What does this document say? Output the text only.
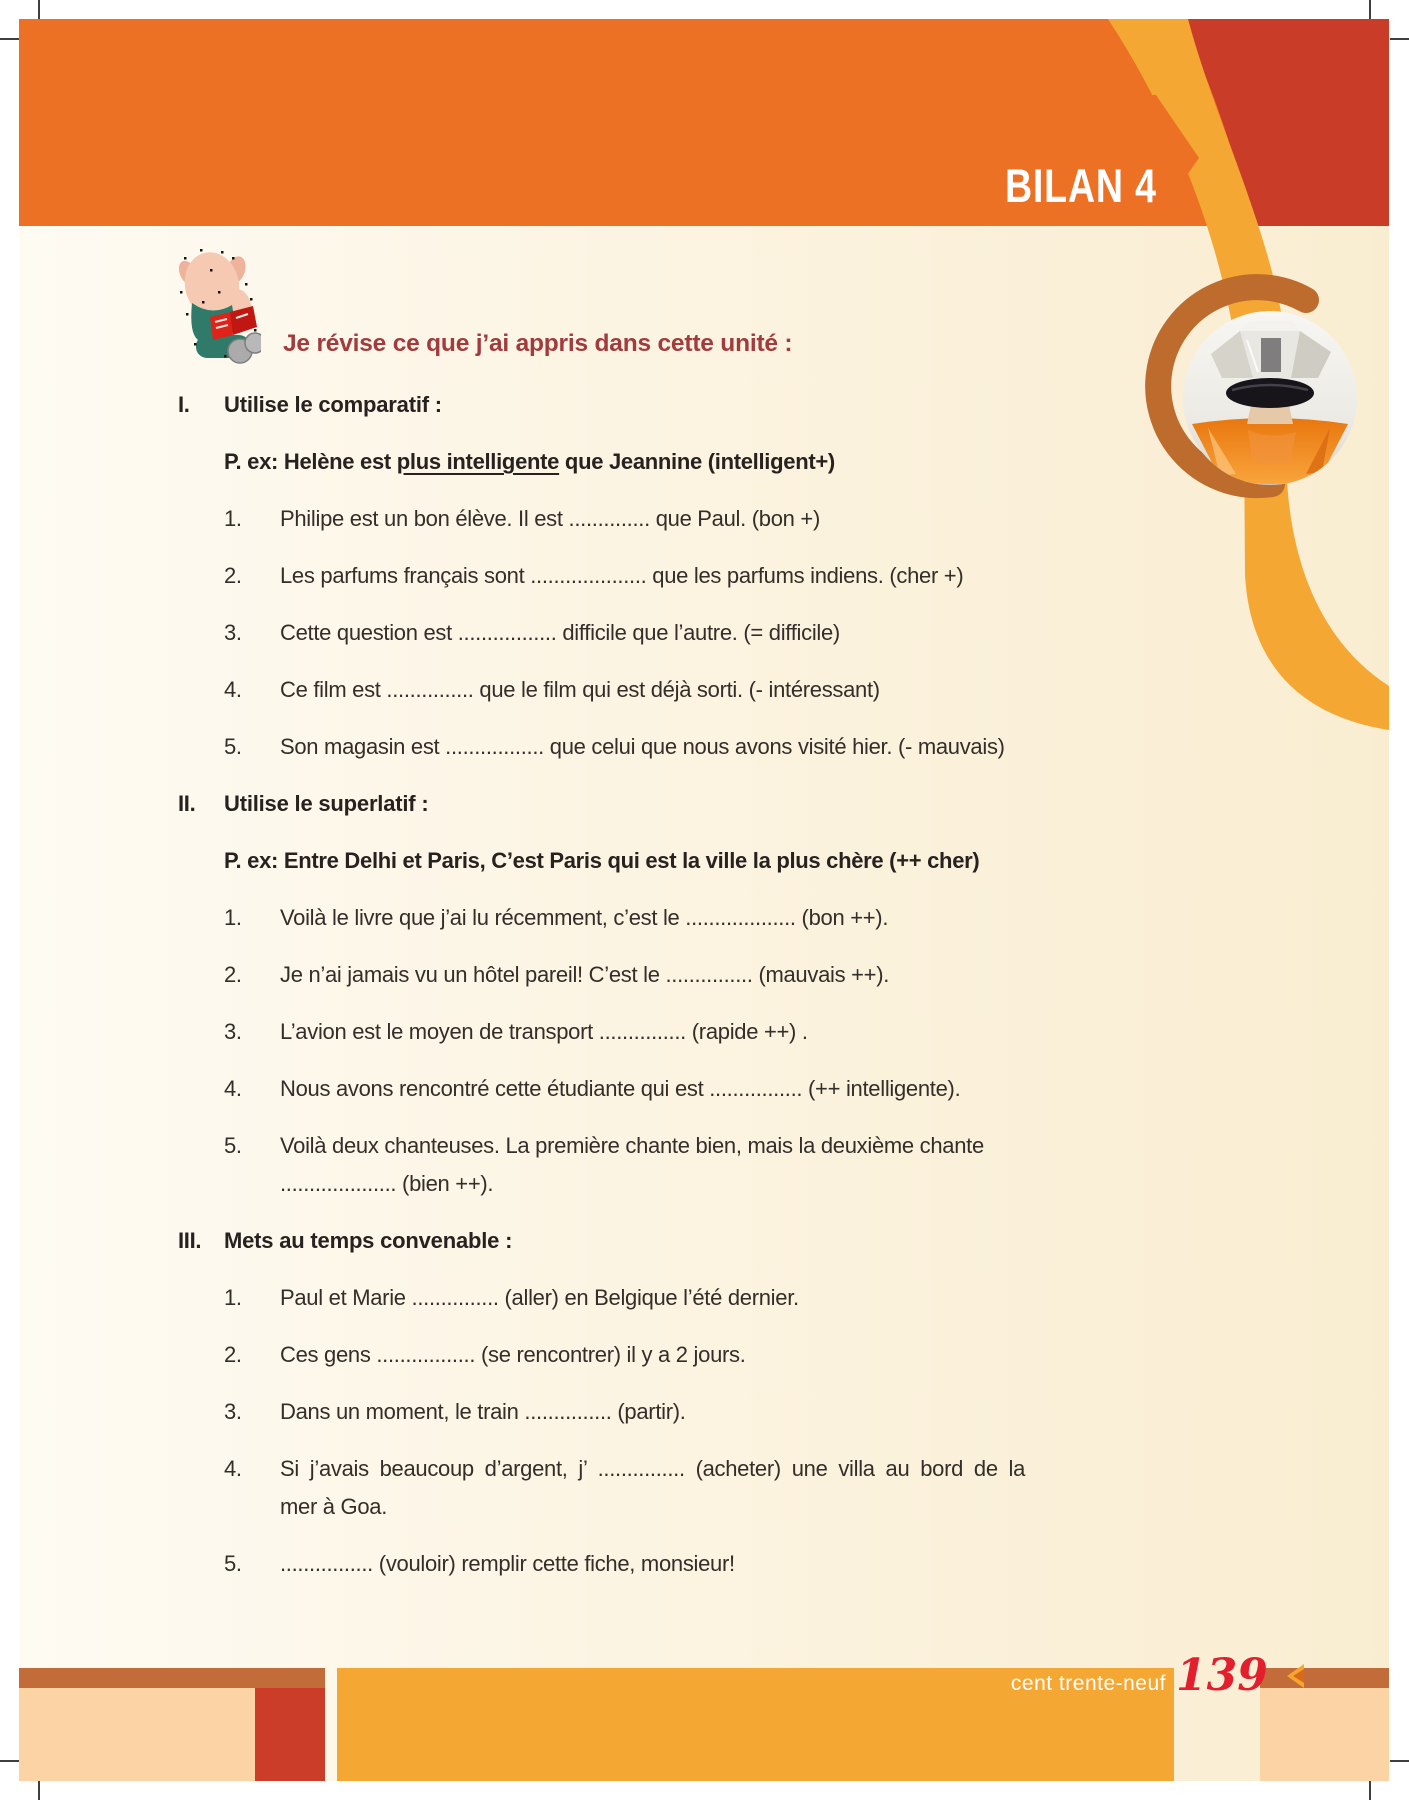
BILAN 4
Je révise ce que j’ai appris dans cette unité :
I.	Utilise le comparatif :
P. ex: Helène est plus intelligente que Jeannine (intelligent+)
1.	Philipe est un bon élève. Il est .............. que Paul. (bon +)
2.	Les parfums français sont .................... que les parfums indiens. (cher +)
3.	Cette question est ................. difficile que l’autre. (= difficile)
4.	Ce film est ............... que le film qui est déjà sorti. (- intéressant)
5.	Son magasin est ................. que celui que nous avons visité hier. (- mauvais)
II.	Utilise le superlatif :
P. ex: Entre Delhi et Paris, C’est Paris qui est la ville la plus chère (++ cher)
1.	Voilà le livre que j’ai lu récemment, c’est le ................... (bon ++).
2.	Je n’ai jamais vu un hôtel pareil! C’est le ............... (mauvais ++).
3.	L’avion est le moyen de transport ............... (rapide ++) .
4.	Nous avons rencontré cette étudiante qui est ................ (++ intelligente).
5.	Voilà deux chanteuses. La première chante bien, mais la deuxième chante
.................... (bien ++).
III.	Mets au temps convenable :
1.	Paul et Marie ............... (aller) en Belgique l’été dernier.
2.	Ces gens ................. (se rencontrer) il y a 2 jours.
3.	Dans un moment, le train ............... (partir).
4.	Si j’avais beaucoup d’argent, j’ ............... (acheter) une villa au bord de la
mer à Goa.
5.	................ (vouloir) remplir cette fiche, monsieur!
cent trente-neuf 139
